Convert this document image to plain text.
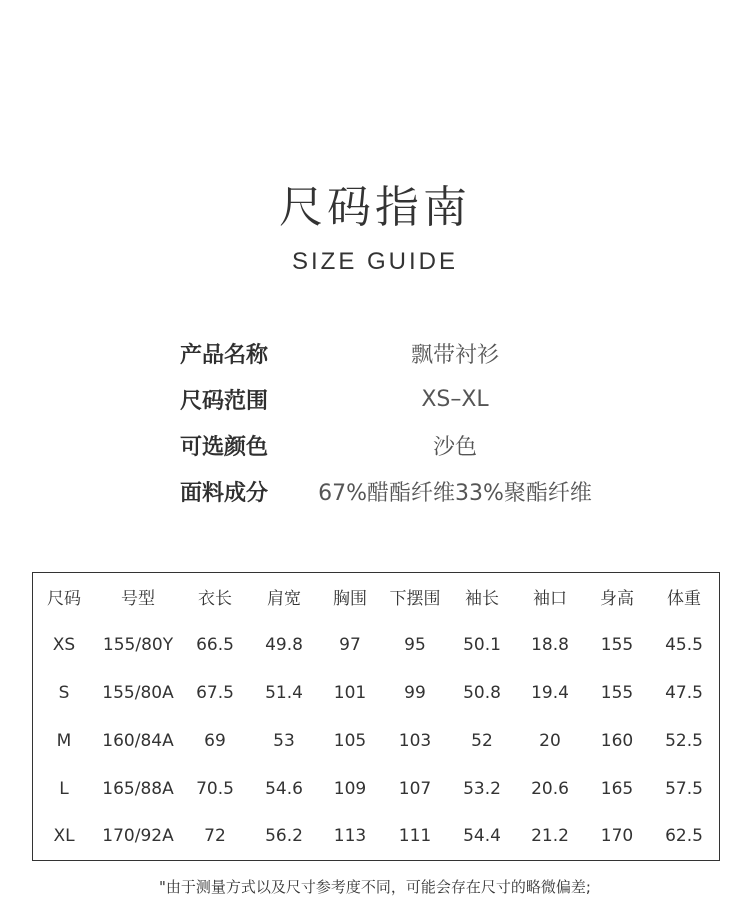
尺码指南
SIZE GUIDE
产品名称	飘带衬衫
尺码范围	XS–XL
可选颜色	沙色
面料成分	67%醋酯纤维33%聚酯纤维
尺码	号型	衣长	肩宽	胸围	下摆围	袖长	袖口	身高	体重
XS	155/80Y	66.5	49.8	97	95	50.1	18.8	155	45.5
S	155/80A	67.5	51.4	101	99	50.8	19.4	155	47.5
M	160/84A	69	53	105	103	52	20	160	52.5
L	165/88A	70.5	54.6	109	107	53.2	20.6	165	57.5
XL	170/92A	72	56.2	113	111	54.4	21.2	170	62.5
"由于测量方式以及尺寸参考度不同，可能会存在尺寸的略微偏差;
